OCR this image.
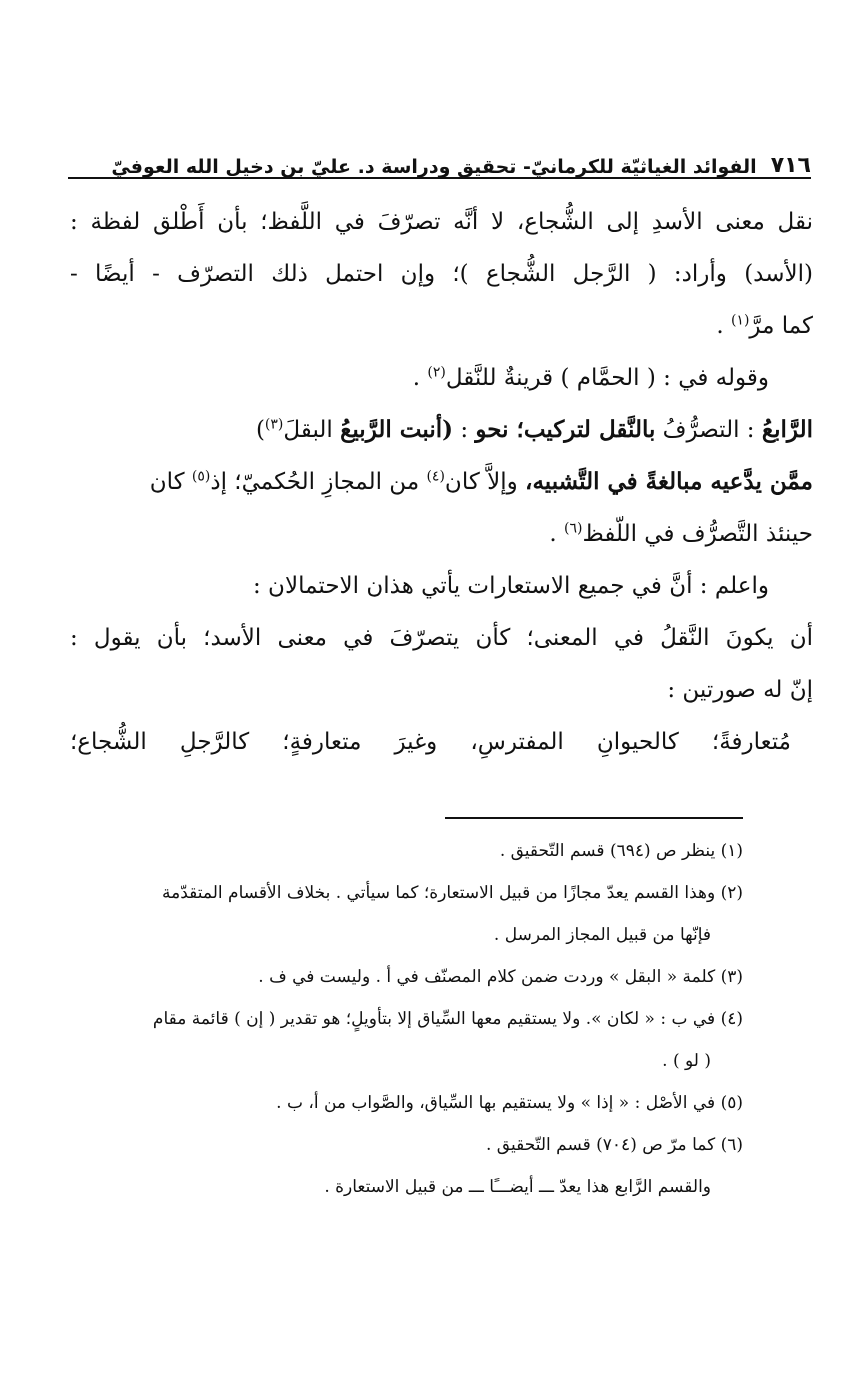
٧١٦
الفوائد الغياثيّة للكرمانيّ- تحقيق ودراسة د. عليّ بن دخيل الله العوفيّ
نقل معنى الأسدِ إلى الشُّجاع، لا أنَّه تصرّفَ في اللَّفظ؛ بأن أَطْلق لفظة :
(الأسد) وأراد: ( الرَّجل الشُّجاع )؛ وإن احتمل ذلك التصرّف - أيضًا -
كما مرَّ$^{(١)}$ .
وقوله في : ( الحمَّام ) قرينةٌ للنَّقل$^{(٢)}$ .
الرَّابعُ : التصرُّفُ بالنَّقل لتركيب؛ نحو : (أنبت الرَّبيعُ البقلَ$^{(٣)}$)
ممَّن يدَّعيه مبالغةً في التَّشبيه، وإلاَّ كان$^{(٤)}$ من المجازِ الحُكميّ؛ إذ$^{(٥)}$ كان
حينئذ التَّصرُّف في اللّفظ$^{(٦)}$ .
واعلم : أنَّ في جميع الاستعارات يأتي هذان الاحتمالان :
أن يكونَ النَّقلُ في المعنى؛ كأن يتصرّفَ في معنى الأسد؛ بأن يقول :
إنّ له صورتين :
مُتعارفةً؛ كالحيوانِ المفترسِ، وغيرَ متعارفةٍ؛ كالرَّجلِ الشُّجاع؛
(١) ينظر ص (٦٩٤) قسم التّحقيق .
(٢) وهذا القسم يعدّ مجازًا من قبيل الاستعارة؛ كما سيأتي . بخلاف الأقسام المتقدّمة
فإنّها من قبيل المجاز المرسل .
(٣) كلمة « البقل » وردت ضمن كلام المصنّف في أ . وليست في ف .
(٤) في ب : « لكان ». ولا يستقيم معها السِّياق إلا بتأويلٍ؛ هو تقدير ( إن ) قائمة مقام
( لو ) .
(٥) في الأصْل : « إذا » ولا يستقيم بها السِّياق، والصَّواب من أ، ب .
(٦) كما مرّ ص (٧٠٤) قسم التّحقيق .
والقسم الرَّابع هذا يعدّ ـــ أيضـــًا ـــ من قبيل الاستعارة .
